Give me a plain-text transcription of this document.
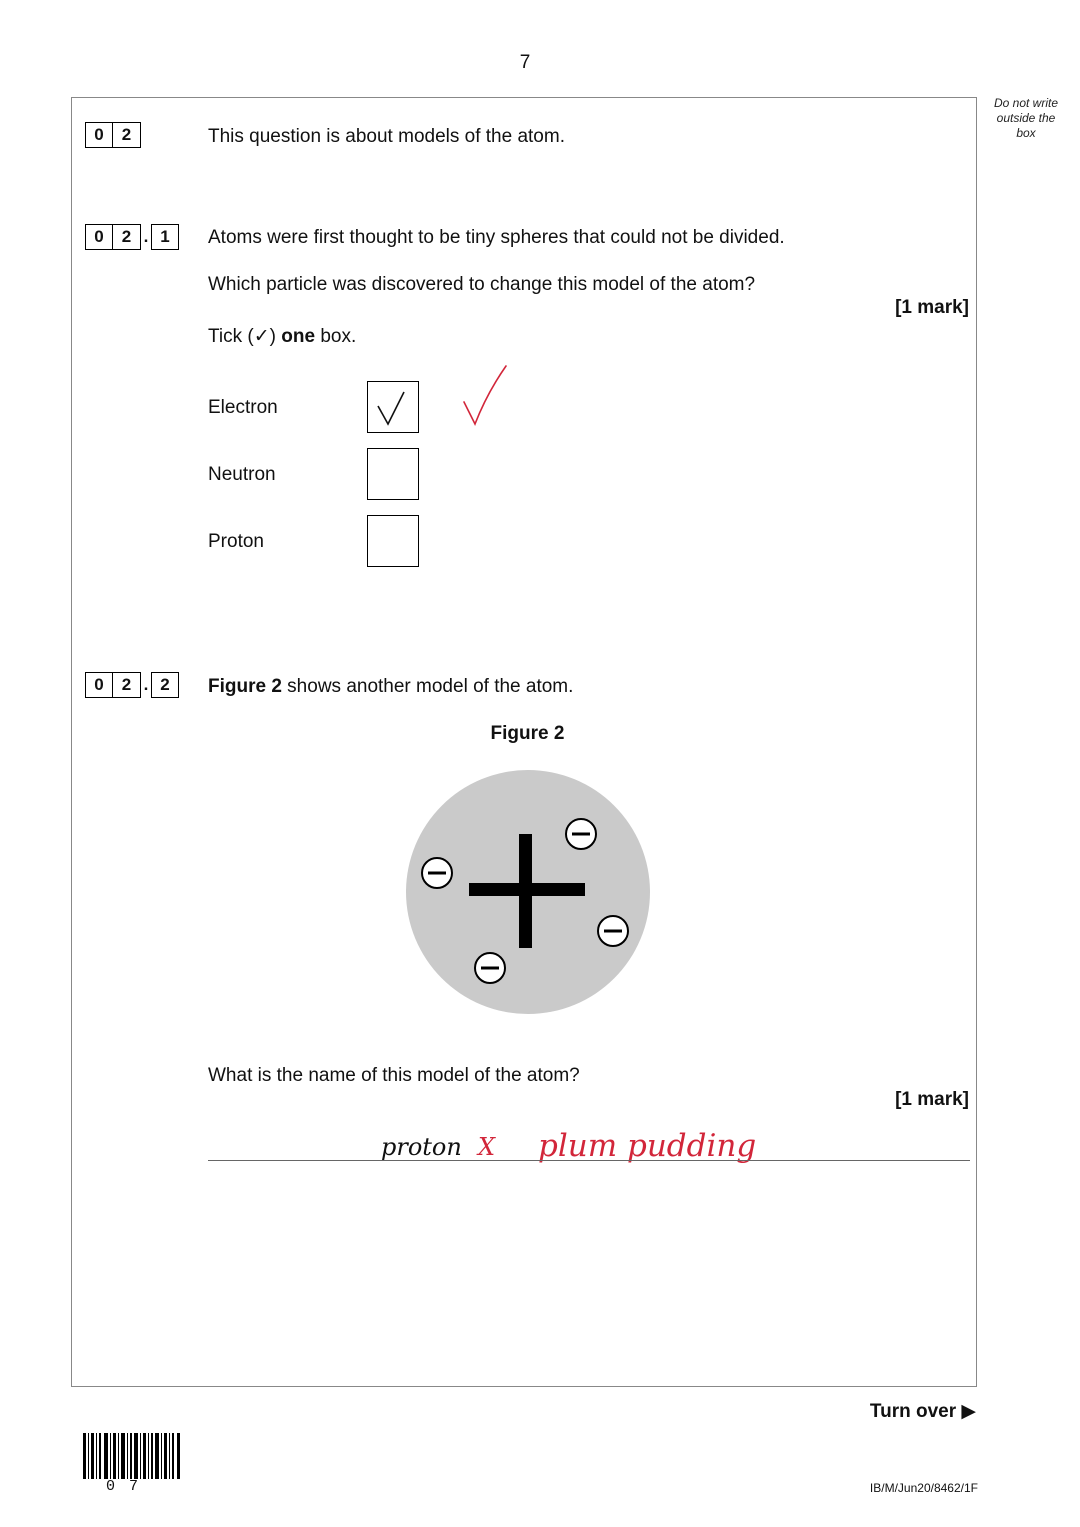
7
Do not write
outside the
box
0	2	This question is about models of the atom.
0	2 . 1	Atoms were first thought to be tiny spheres that could not be divided.
Which particle was discovered to change this model of the atom?
[1 mark]
Tick (✓) one box.
Electron
Neutron
Proton
0	2 . 2	Figure 2 shows another model of the atom.
Figure 2
What is the name of this model of the atom?
[1 mark]
proton X plum pudding
Turn over ▶
07	IB/M/Jun20/8462/1F
